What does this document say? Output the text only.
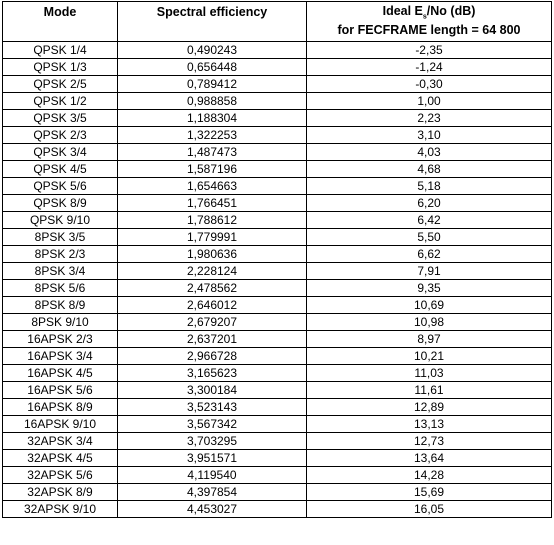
Mode	Spectral efficiency	Ideal $E_s/No$ (dB)
for FECFRAME length = 64 800
QPSK 1/4	0,490243	-2,35
QPSK 1/3	0,656448	-1,24
QPSK 2/5	0,789412	-0,30
QPSK 1/2	0,988858	1,00
QPSK 3/5	1,188304	2,23
QPSK 2/3	1,322253	3,10
QPSK 3/4	1,487473	4,03
QPSK 4/5	1,587196	4,68
QPSK 5/6	1,654663	5,18
QPSK 8/9	1,766451	6,20
QPSK 9/10	1,788612	6,42
8PSK 3/5	1,779991	5,50
8PSK 2/3	1,980636	6,62
8PSK 3/4	2,228124	7,91
8PSK 5/6	2,478562	9,35
8PSK 8/9	2,646012	10,69
8PSK 9/10	2,679207	10,98
16APSK 2/3	2,637201	8,97
16APSK 3/4	2,966728	10,21
16APSK 4/5	3,165623	11,03
16APSK 5/6	3,300184	11,61
16APSK 8/9	3,523143	12,89
16APSK 9/10	3,567342	13,13
32APSK 3/4	3,703295	12,73
32APSK 4/5	3,951571	13,64
32APSK 5/6	4,119540	14,28
32APSK 8/9	4,397854	15,69
32APSK 9/10	4,453027	16,05
